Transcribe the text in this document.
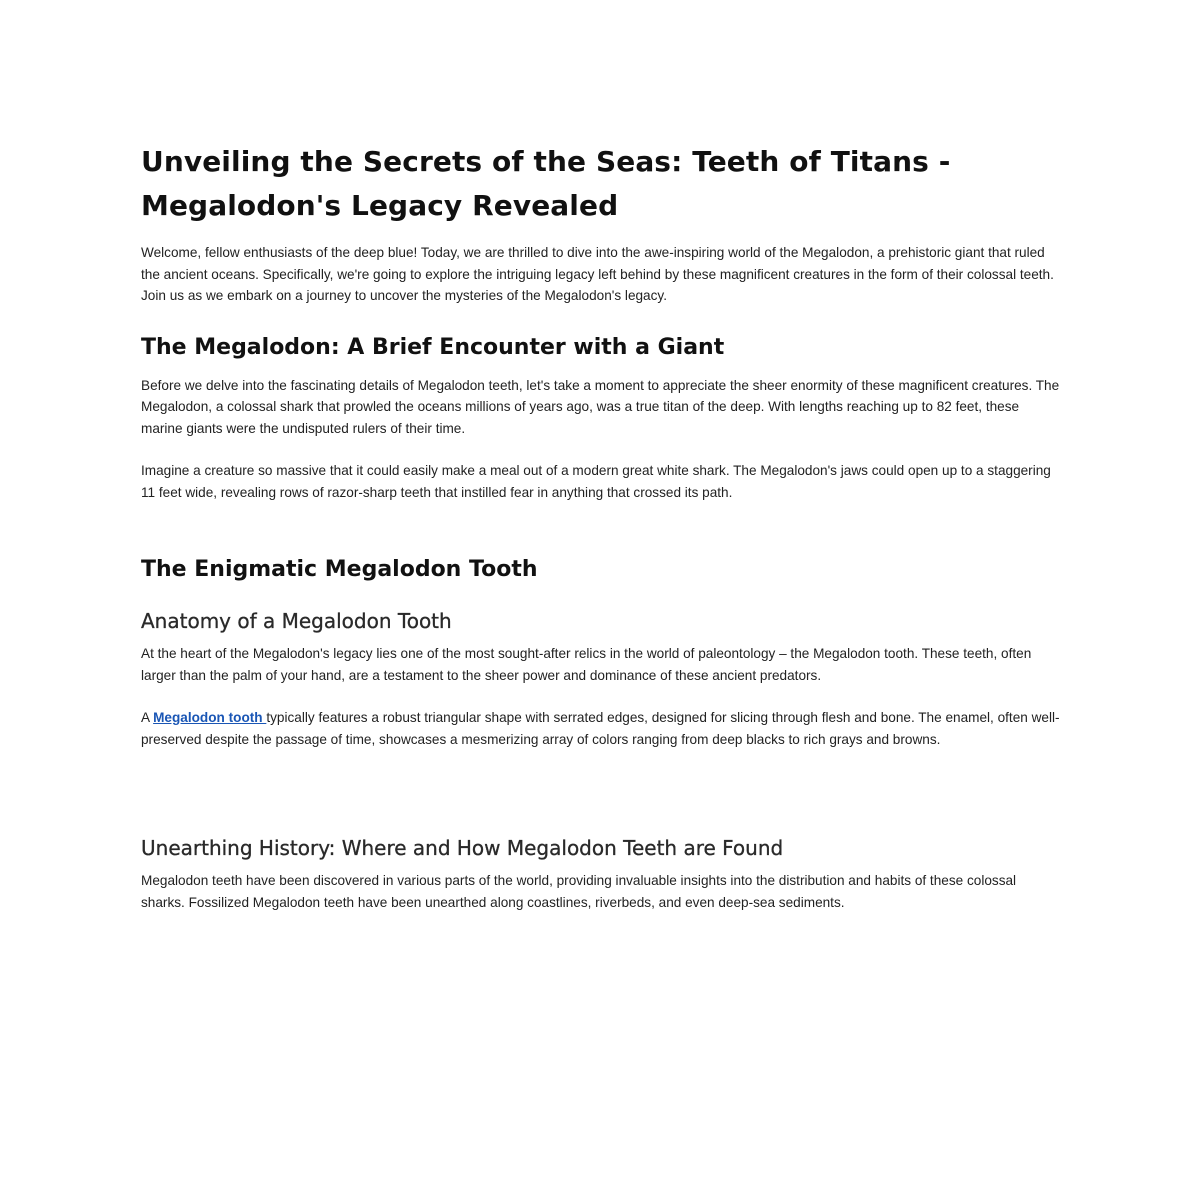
Unveiling the Secrets of the Seas: Teeth of Titans - Megalodon's Legacy Revealed

Welcome, fellow enthusiasts of the deep blue! Today, we are thrilled to dive into the awe-inspiring world of the Megalodon, a prehistoric giant that ruled the ancient oceans. Specifically, we're going to explore the intriguing legacy left behind by these magnificent creatures in the form of their colossal teeth. Join us as we embark on a journey to uncover the mysteries of the Megalodon's legacy.

The Megalodon: A Brief Encounter with a Giant

Before we delve into the fascinating details of Megalodon teeth, let's take a moment to appreciate the sheer enormity of these magnificent creatures. The Megalodon, a colossal shark that prowled the oceans millions of years ago, was a true titan of the deep. With lengths reaching up to 82 feet, these marine giants were the undisputed rulers of their time.

Imagine a creature so massive that it could easily make a meal out of a modern great white shark. The Megalodon's jaws could open up to a staggering 11 feet wide, revealing rows of razor-sharp teeth that instilled fear in anything that crossed its path.

The Enigmatic Megalodon Tooth
Anatomy of a Megalodon Tooth

At the heart of the Megalodon's legacy lies one of the most sought-after relics in the world of paleontology – the Megalodon tooth. These teeth, often larger than the palm of your hand, are a testament to the sheer power and dominance of these ancient predators.

A Megalodon tooth typically features a robust triangular shape with serrated edges, designed for slicing through flesh and bone. The enamel, often well-preserved despite the passage of time, showcases a mesmerizing array of colors ranging from deep blacks to rich grays and browns.

Unearthing History: Where and How Megalodon Teeth are Found

Megalodon teeth have been discovered in various parts of the world, providing invaluable insights into the distribution and habits of these colossal sharks. Fossilized Megalodon teeth have been unearthed along coastlines, riverbeds, and even deep-sea sediments.
